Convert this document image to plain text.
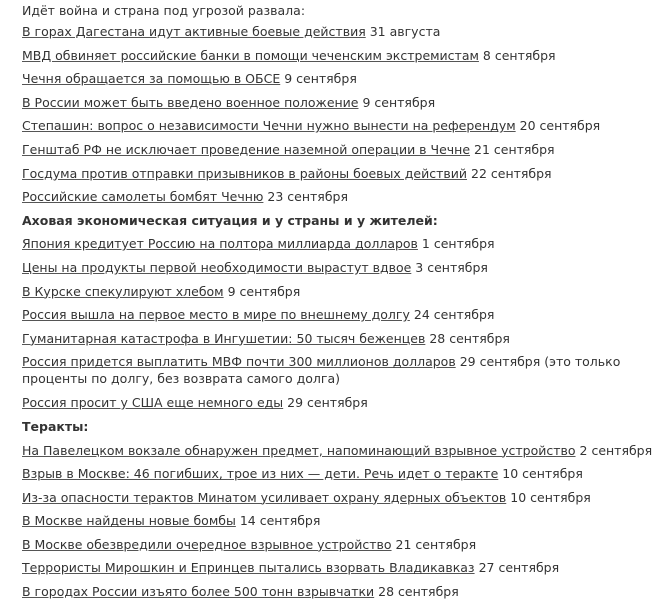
Идёт война и страна под угрозой развала:
В горах Дагестана идут активные боевые действия 31 августа
МВД обвиняет российские банки в помощи чеченским экстремистам 8 сентября
Чечня обращается за помощью в ОБСЕ 9 сентября
В России может быть введено военное положение 9 сентября
Степашин: вопрос о независимости Чечни нужно вынести на референдум 20 сентября
Генштаб РФ не исключает проведение наземной операции в Чечне 21 сентября
Госдума против отправки призывников в районы боевых действий 22 сентября
Российские самолеты бомбят Чечню 23 сентября
Аховая экономическая ситуация и у страны и у жителей:
Япония кредитует Россию на полтора миллиарда долларов 1 сентября
Цены на продукты первой необходимости вырастут вдвое 3 сентября
В Курске спекулируют хлебом 9 сентября
Россия вышла на первое место в мире по внешнему долгу 24 сентября
Гуманитарная катастрофа в Ингушетии: 50 тысяч беженцев 28 сентября
Россия придется выплатить МВФ почти 300 миллионов долларов 29 сентября (это только проценты по долгу, без возврата самого долга)
Россия просит у США еще немного еды 29 сентября
Теракты:
На Павелецком вокзале обнаружен предмет, напоминающий взрывное устройство 2 сентября
Взрыв в Москве: 46 погибших, трое из них — дети. Речь идет о теракте 10 сентября
Из-за опасности терактов Минатом усиливает охрану ядерных объектов 10 сентября
В Москве найдены новые бомбы 14 сентября
В Москве обезвредили очередное взрывное устройство 21 сентября
Террористы Мирошкин и Епринцев пытались взорвать Владикавказ 27 сентября
В городах России изъято более 500 тонн взрывчатки 28 сентября
